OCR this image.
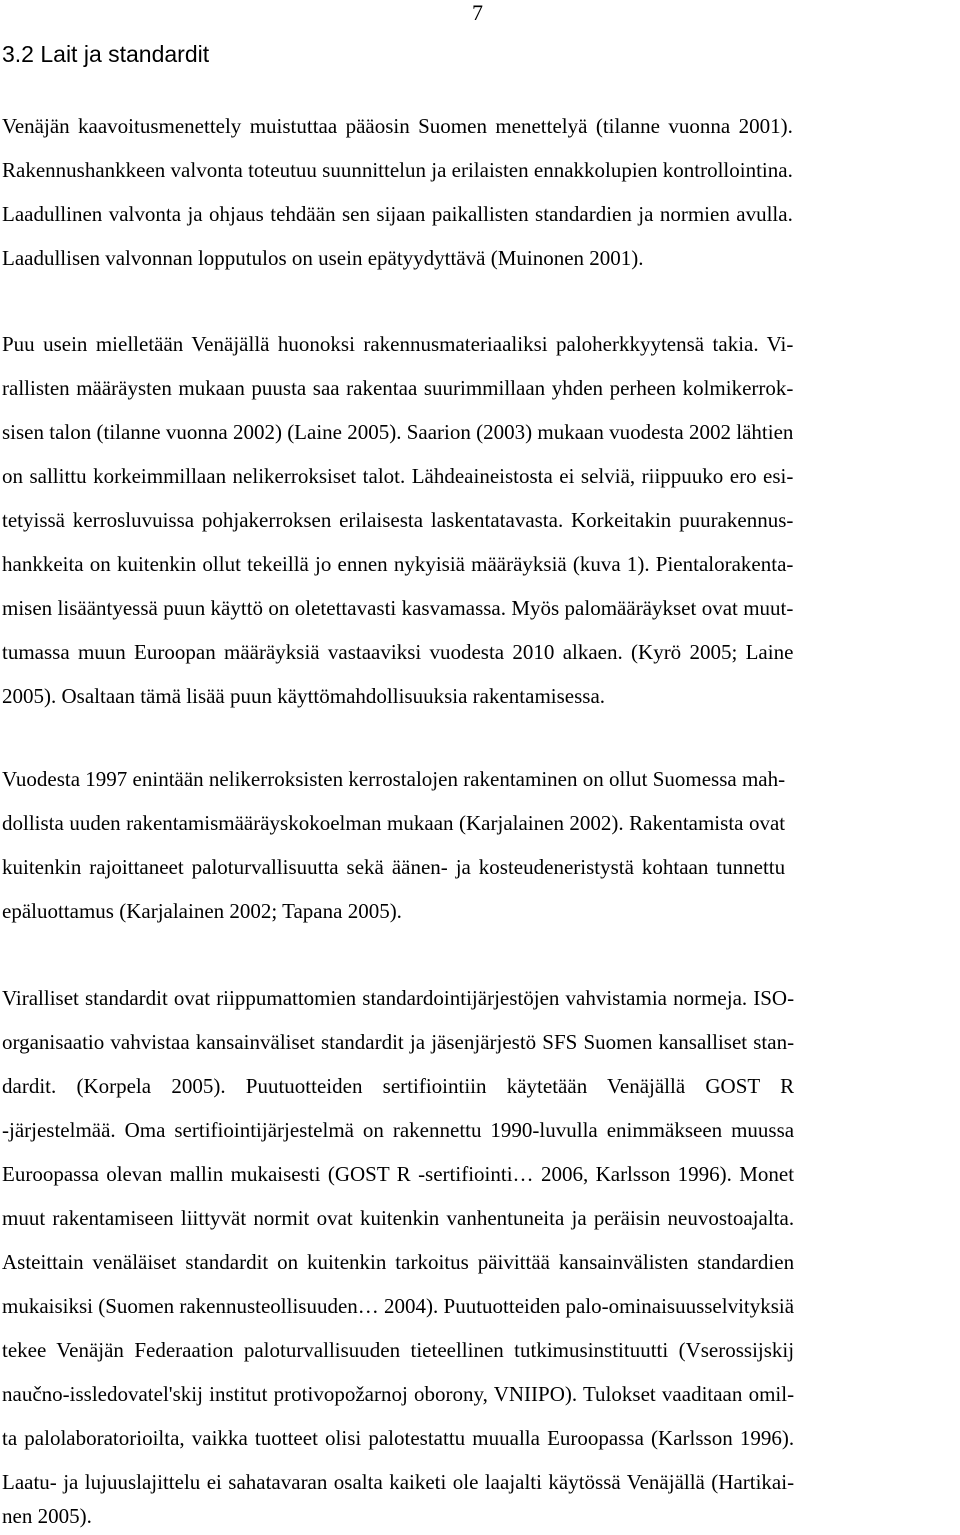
7
3.2 Lait ja standardit
Venäjän kaavoitusmenettely muistuttaa pääosin Suomen menettelyä (tilanne vuonna 2001).
Rakennushankkeen valvonta toteutuu suunnittelun ja erilaisten ennakkolupien kontrollointina.
Laadullinen valvonta ja ohjaus tehdään sen sijaan paikallisten standardien ja normien avulla.
Laadullisen valvonnan lopputulos on usein epätyydyttävä (Muinonen 2001).
Puu usein mielletään Venäjällä huonoksi rakennusmateriaaliksi paloherkkyytensä takia. Vi-
rallisten määräysten mukaan puusta saa rakentaa suurimmillaan yhden perheen kolmikerrok-
sisen talon (tilanne vuonna 2002) (Laine 2005). Saarion (2003) mukaan vuodesta 2002 lähtien
on sallittu korkeimmillaan nelikerroksiset talot. Lähdeaineistosta ei selviä, riippuuko ero esi-
tetyissä kerrosluvuissa pohjakerroksen erilaisesta laskentatavasta. Korkeitakin puurakennus-
hankkeita on kuitenkin ollut tekeillä jo ennen nykyisiä määräyksiä (kuva 1). Pientalorakenta-
misen lisääntyessä puun käyttö on oletettavasti kasvamassa. Myös palomääräykset ovat muut-
tumassa muun Euroopan määräyksiä vastaaviksi vuodesta 2010 alkaen. (Kyrö 2005; Laine
2005). Osaltaan tämä lisää puun käyttömahdollisuuksia rakentamisessa.
Vuodesta 1997 enintään nelikerroksisten kerrostalojen rakentaminen on ollut Suomessa mah-
dollista uuden rakentamismääräyskokoelman mukaan (Karjalainen 2002). Rakentamista ovat
kuitenkin rajoittaneet paloturvallisuutta sekä äänen- ja kosteudeneristystä kohtaan tunnettu
epäluottamus (Karjalainen 2002; Tapana 2005).
Viralliset standardit ovat riippumattomien standardointijärjestöjen vahvistamia normeja. ISO-
organisaatio vahvistaa kansainväliset standardit ja jäsenjärjestö SFS Suomen kansalliset stan-
dardit. (Korpela 2005). Puutuotteiden sertifiointiin käytetään Venäjällä GOST R
-järjestelmää. Oma sertifiointijärjestelmä on rakennettu 1990-luvulla enimmäkseen muussa
Euroopassa olevan mallin mukaisesti (GOST R -sertifiointi… 2006, Karlsson 1996). Monet
muut rakentamiseen liittyvät normit ovat kuitenkin vanhentuneita ja peräisin neuvostoajalta.
Asteittain venäläiset standardit on kuitenkin tarkoitus päivittää kansainvälisten standardien
mukaisiksi (Suomen rakennusteollisuuden… 2004). Puutuotteiden palo-ominaisuusselvityksiä
tekee Venäjän Federaation paloturvallisuuden tieteellinen tutkimusinstituutti (Vserossijskij
naučno-issledovatel'skij institut protivopožarnoj oborony, VNIIPO). Tulokset vaaditaan omil-
ta palolaboratorioilta, vaikka tuotteet olisi palotestattu muualla Euroopassa (Karlsson 1996).
Laatu- ja lujuuslajittelu ei sahatavaran osalta kaiketi ole laajalti käytössä Venäjällä (Hartikai-
nen 2005).
